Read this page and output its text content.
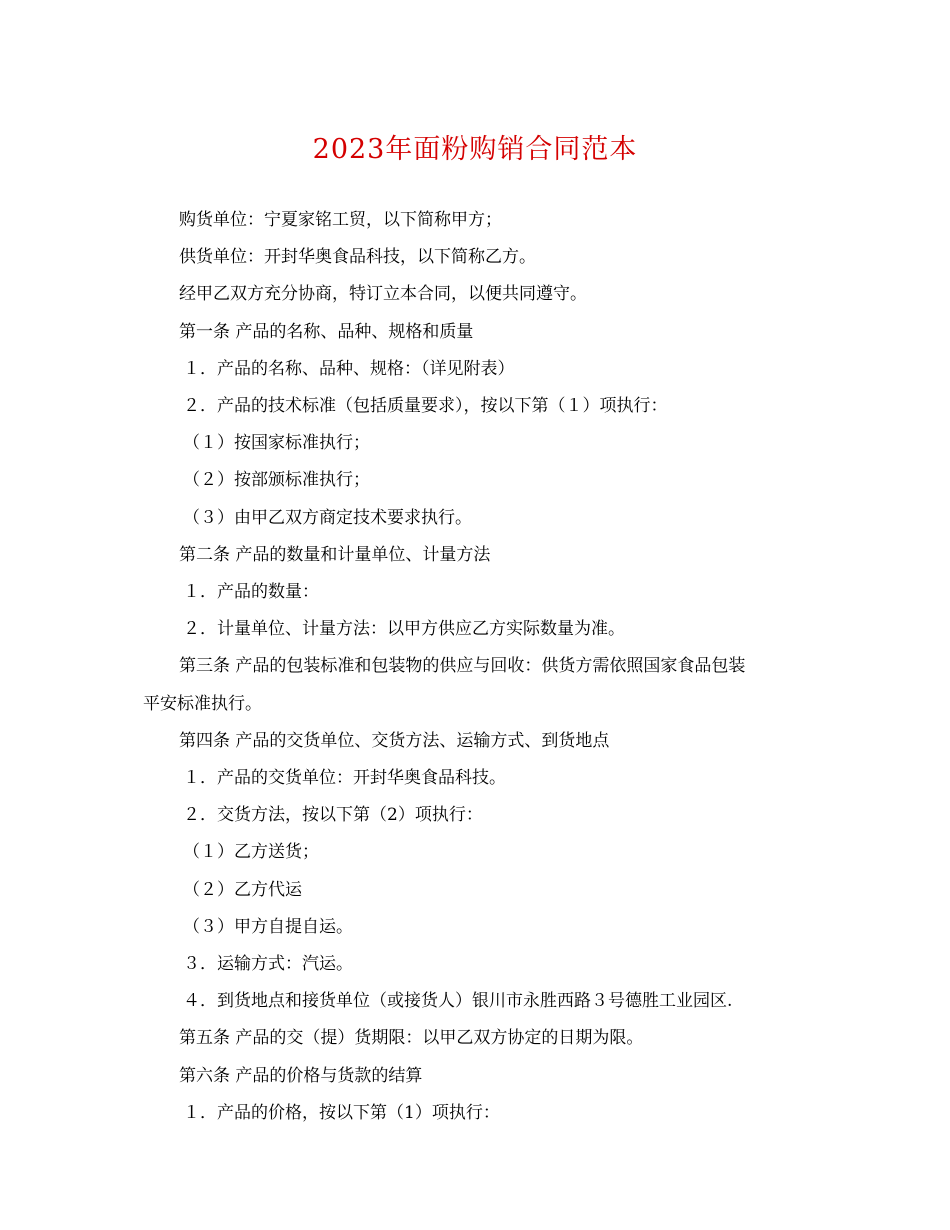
2023年面粉购销合同范本

购货单位：宁夏家铭工贸，以下简称甲方；

供货单位：开封华奥食品科技，以下简称乙方。

经甲乙双方充分协商，特订立本合同，以便共同遵守。

第一条 产品的名称、品种、规格和质量

１．产品的名称、品种、规格：（详见附表）

２．产品的技术标准（包括质量要求），按以下第（１）项执行：

（１）按国家标准执行；

（２）按部颁标准执行；

（３）由甲乙双方商定技术要求执行。

第二条 产品的数量和计量单位、计量方法

１．产品的数量：

２．计量单位、计量方法：以甲方供应乙方实际数量为准。

第三条 产品的包装标准和包装物的供应与回收：供货方需依照国家食品包装

平安标准执行。

第四条 产品的交货单位、交货方法、运输方式、到货地点

１．产品的交货单位：开封华奥食品科技。

２．交货方法，按以下第（2）项执行：

（１）乙方送货；

（２）乙方代运

（３）甲方自提自运。

３．运输方式：汽运。

４．到货地点和接货单位（或接货人）银川市永胜西路３号德胜工业园区.

第五条 产品的交（提）货期限：以甲乙双方协定的日期为限。

第六条 产品的价格与货款的结算

１．产品的价格，按以下第（1）项执行：
